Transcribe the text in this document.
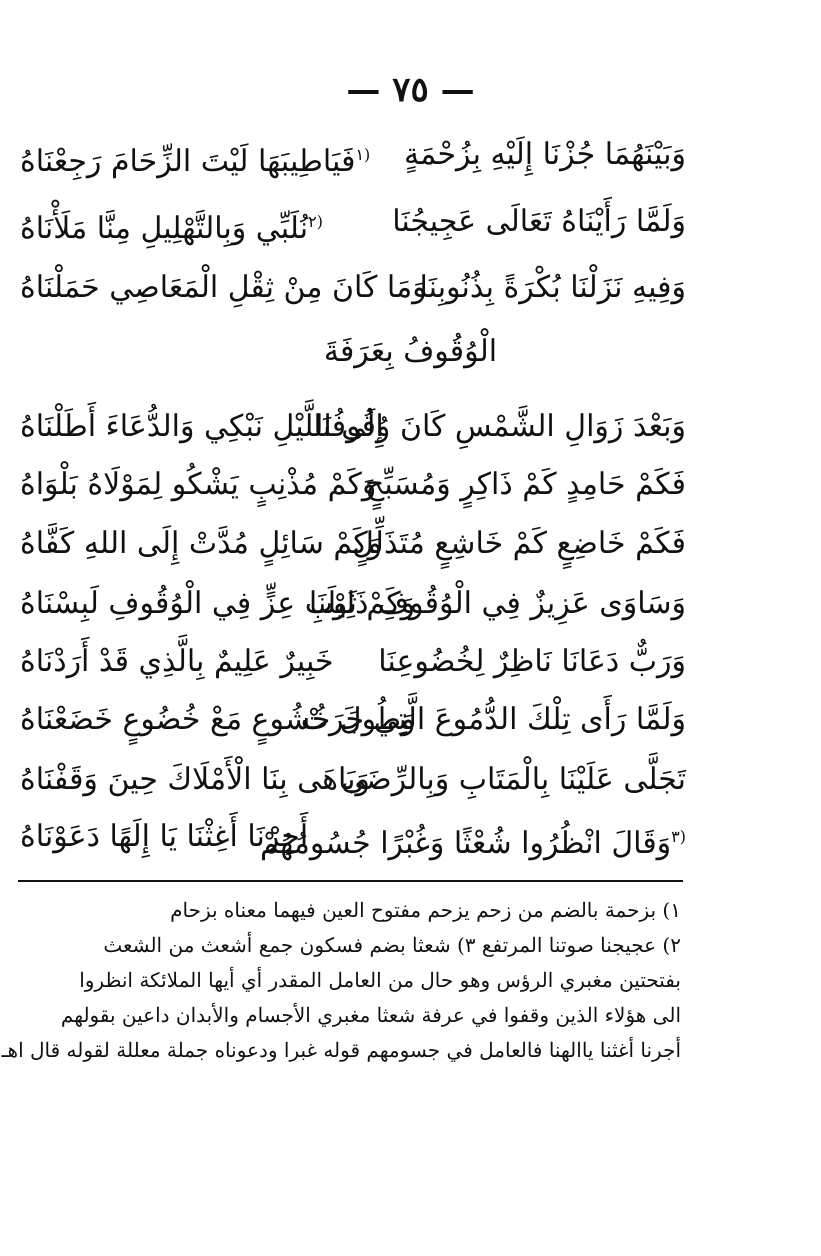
— ٧٥ —
وَبَيْنَهُمَا جُزْنَا إِلَيْهِ بِزُحْمَةٍ
$^{(١}$فَيَاطِيبَهَا لَيْتَ الزِّحَامَ رَجِعْنَاهُ
وَلَمَّا رَأَيْنَاهُ تَعَالَى عَجِيجُنَا
$^{(٢}$نُلَبِّي وَبِالتَّهْلِيلِ مِنَّا مَلَأْنَاهُ
وَفِيهِ نَزَلْنَا بُكْرَةً بِذُنُوبِنَا
وَمَا كَانَ مِنْ ثِقْلِ الْمَعَاصِي حَمَلْنَاهُ
الْوُقُوفُ بِعَرَفَةَ
وَبَعْدَ زَوَالِ الشَّمْسِ كَانَ وُقُوفُنَا
إِلَى اللَّيْلِ نَبْكِي وَالدُّعَاءَ أَطَلْنَاهُ
فَكَمْ حَامِدٍ كَمْ ذَاكِرٍ وَمُسَبِّحٍ
وَكَمْ مُذْنِبٍ يَشْكُو لِمَوْلَاهُ بَلْوَاهُ
فَكَمْ خَاضِعٍ كَمْ خَاشِعٍ مُتَذَلِّلٍ
وَكَمْ سَائِلٍ مُدَّتْ إِلَى اللهِ كَفَّاهُ
وَسَاوَى عَزِيزٌ فِي الْوُقُوفِ ذَلِيلَنَا
وَكَمْ ثَوْبِ عِزٍّ فِي الْوُقُوفِ لَبِسْنَاهُ
وَرَبٌّ دَعَانَا نَاظِرٌ لِخُضُوعِنَا
خَبِيرٌ عَلِيمٌ بِالَّذِي قَدْ أَرَدْنَاهُ
وَلَمَّا رَأَى تِلْكَ الدُّمُوعَ الَّتِي جَرَتْ
وَطُولَ خُشُوعٍ مَعْ خُضُوعٍ خَضَعْنَاهُ
تَجَلَّى عَلَيْنَا بِالْمَتَابِ وَبِالرِّضَى
وَبَاهَى بِنَا الْأَمْلَاكَ حِينَ وَقَفْنَاهُ
$^{(٣}$وَقَالَ انْظُرُوا شُعْثًا وَغُبْرًا جُسُومُهُمْ
أَجِرْنَا أَغِثْنَا يَا إِلَهًا دَعَوْنَاهُ
١) بزحمة بالضم من زحم يزحم مفتوح العين فيهما معناه بزحام
٢) عجيجنا صوتنا المرتفع ٣) شعثا بضم فسكون جمع أشعث من الشعث
بفتحتين مغبري الرؤس وهو حال من العامل المقدر أي أيها الملائكة انظروا
الى هؤلاء الذين وقفوا في عرفة شعثا مغبري الأجسام والأبدان داعين بقولهم
أجرنا أغثنا ياالهنا فالعامل في جسومهم قوله غبرا ودعوناه جملة معللة لقوله قال اهـ
